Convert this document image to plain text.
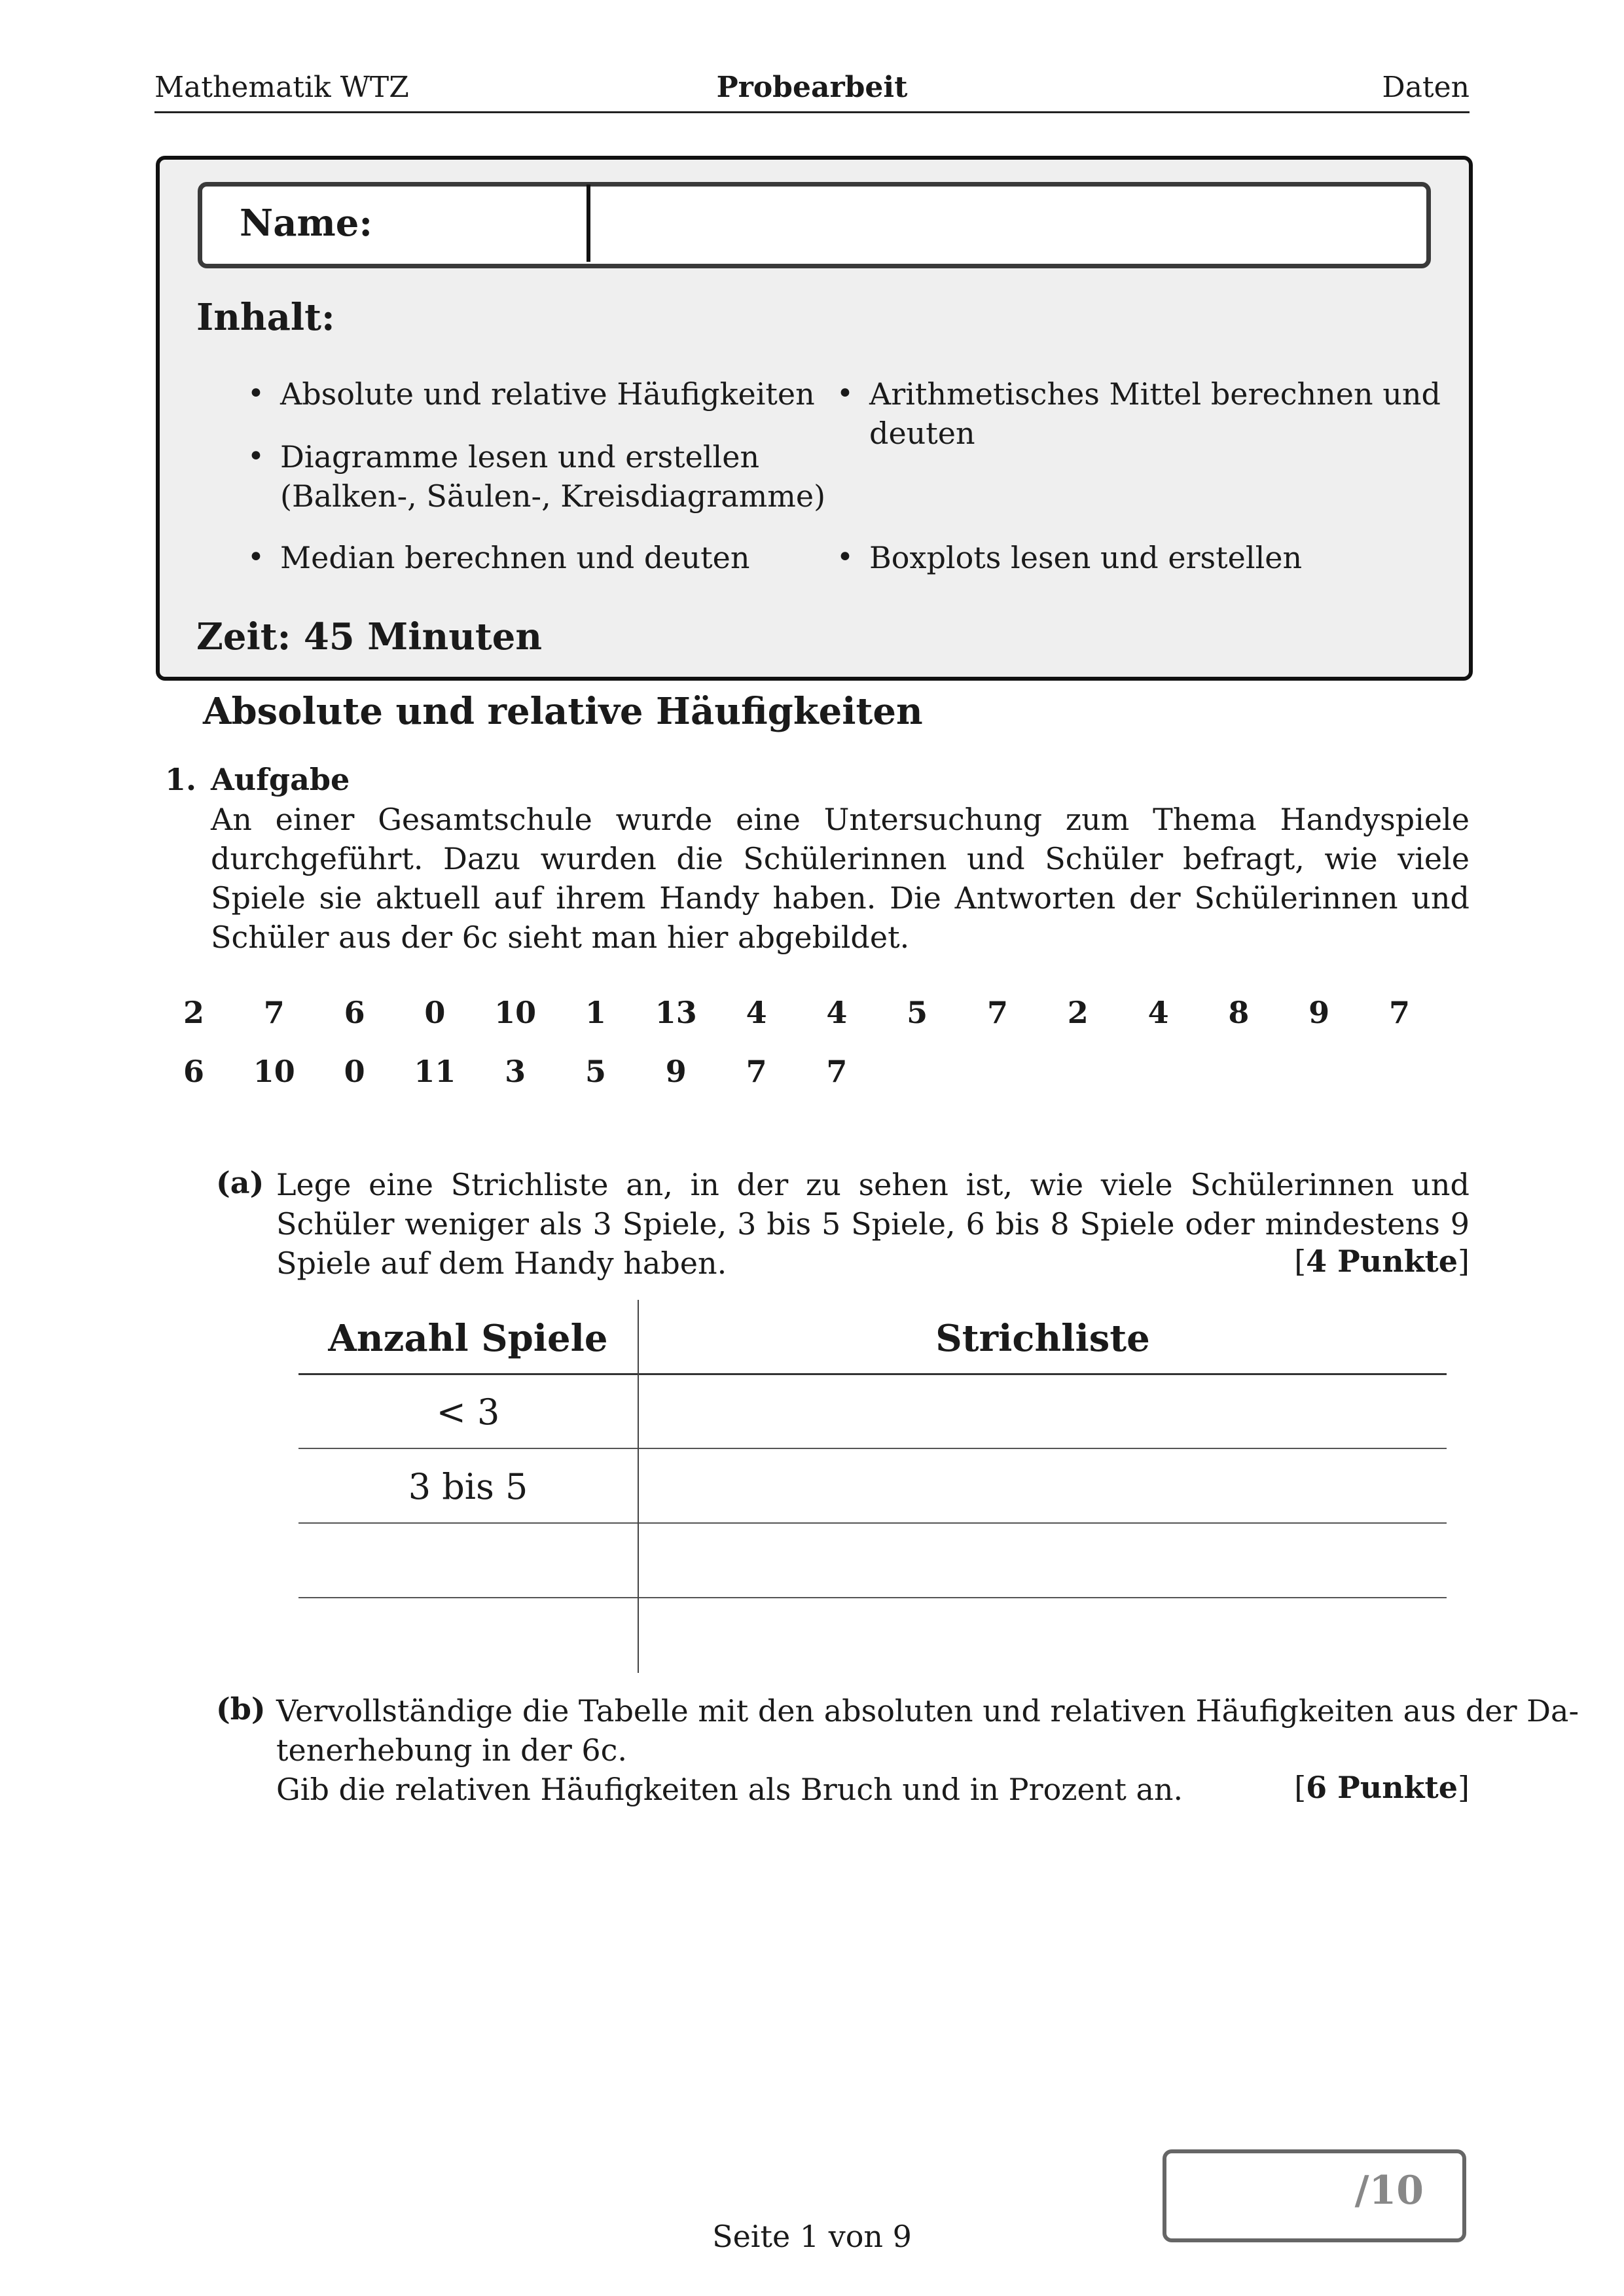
Mathematik WTZ	Probearbeit	Daten
Name:
Inhalt:
• Absolute und relative Häufigkeiten
• Diagramme lesen und erstellen
(Balken-, Säulen-, Kreisdiagramme)
• Median berechnen und deuten
• Arithmetisches Mittel berechnen und
deuten
• Boxplots lesen und erstellen
Zeit: 45 Minuten
Absolute und relative Häufigkeiten
1. Aufgabe
An einer Gesamtschule wurde eine Untersuchung zum Thema Handyspiele durchgeführt. Dazu wurden die Schülerinnen und Schüler befragt, wie viele Spiele sie aktuell auf ihrem Handy haben. Die Antworten der Schülerinnen und Schüler aus der 6c sieht man hier abgebildet.
2	7	6	0	10	1	13	4	4	5	7	2	4	8	9	7
6	10	0	11	3	5	9	7	7
(a) Lege eine Strichliste an, in der zu sehen ist, wie viele Schülerinnen und Schüler weniger als 3 Spiele, 3 bis 5 Spiele, 6 bis 8 Spiele oder mindestens 9 Spiele auf dem Handy haben.	[4 Punkte]
Anzahl Spiele	Strichliste
< 3
3 bis 5
(b) Vervollständige die Tabelle mit den absoluten und relativen Häufigkeiten aus der Da-
tenerhebung in der 6c.
Gib die relativen Häufigkeiten als Bruch und in Prozent an.	[6 Punkte]
/10
Seite 1 von 9
